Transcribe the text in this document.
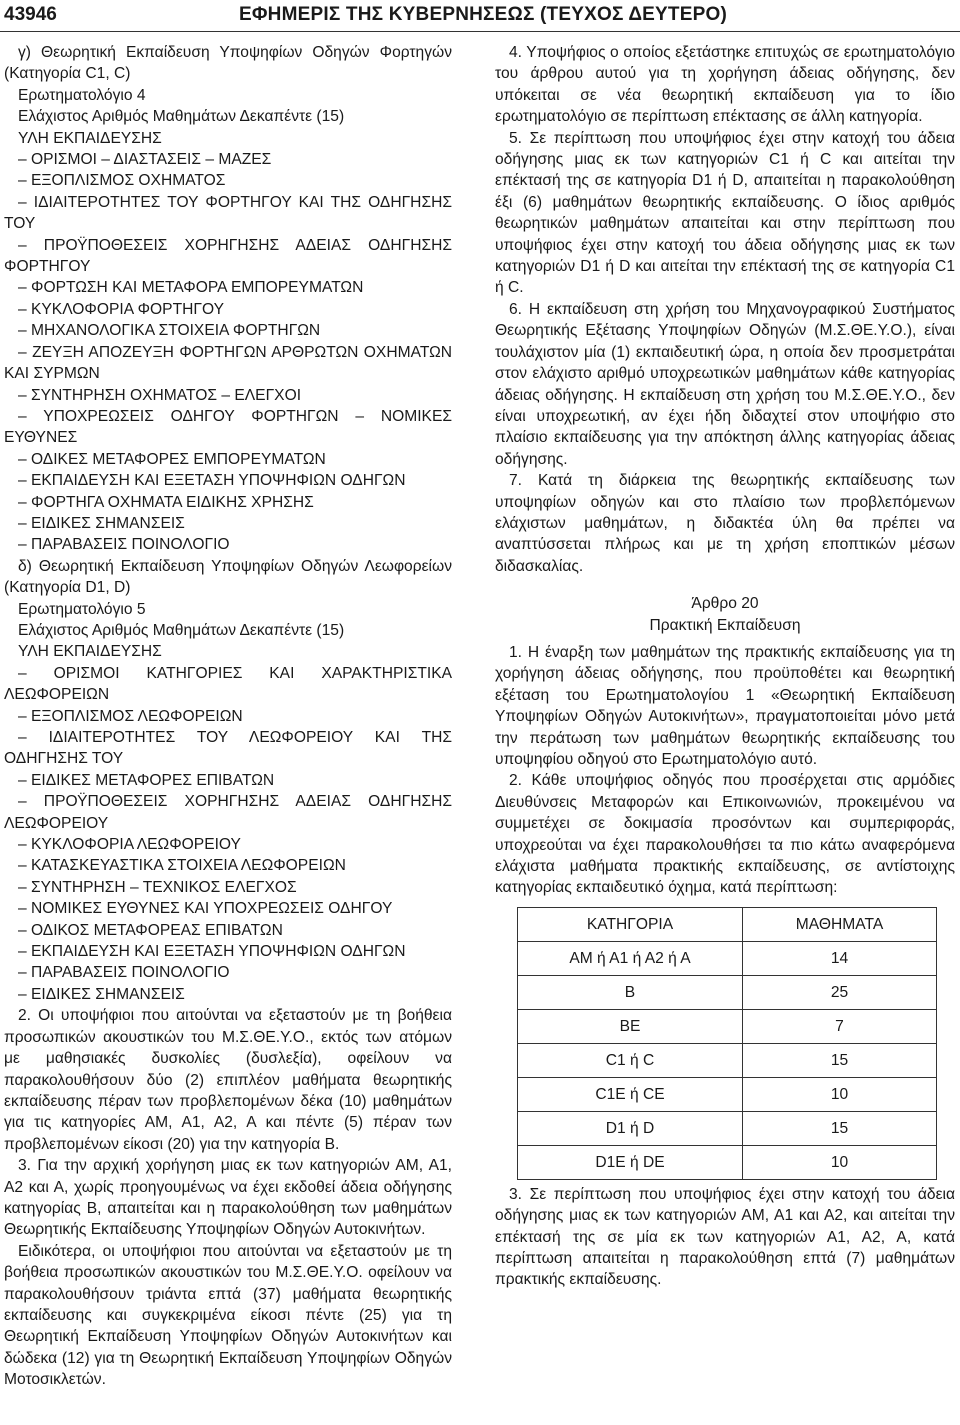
43946	ΕΦΗΜΕΡΙΣ ΤΗΣ ΚΥΒΕΡΝΗΣΕΩΣ (ΤΕΥΧΟΣ ΔΕΥΤΕΡΟ)

γ) Θεωρητική Εκπαίδευση Υποψηφίων Οδηγών Φορτηγών (Κατηγορία C1, C)

Ερωτηματολόγιο 4

Ελάχιστος Αριθμός Μαθημάτων Δεκαπέντε (15)

ΥΛΗ ΕΚΠΑΙΔΕΥΣΗΣ

– ΟΡΙΣΜΟΙ – ΔΙΑΣΤΑΣΕΙΣ – ΜΑΖΕΣ

– ΕΞΟΠΛΙΣΜΟΣ ΟΧΗΜΑΤΟΣ

– ΙΔΙΑΙΤΕΡΟΤΗΤΕΣ ΤΟΥ ΦΟΡΤΗΓΟΥ ΚΑΙ ΤΗΣ ΟΔΗΓΗΣΗΣ ΤΟΥ

– ΠΡΟΫΠΟΘΕΣΕΙΣ ΧΟΡΗΓΗΣΗΣ ΑΔΕΙΑΣ ΟΔΗΓΗΣΗΣ ΦΟΡΤΗΓΟΥ

– ΦΟΡΤΩΣΗ ΚΑΙ ΜΕΤΑΦΟΡΑ ΕΜΠΟΡΕΥΜΑΤΩΝ

– ΚΥΚΛΟΦΟΡΙΑ ΦΟΡΤΗΓΟΥ

– ΜΗΧΑΝΟΛΟΓΙΚΑ ΣΤΟΙΧΕΙΑ ΦΟΡΤΗΓΩΝ

– ΖΕΥΞΗ ΑΠΟΖΕΥΞΗ ΦΟΡΤΗΓΩΝ ΑΡΘΡΩΤΩΝ ΟΧΗΜΑΤΩΝ ΚΑΙ ΣΥΡΜΩΝ

– ΣΥΝΤΗΡΗΣΗ ΟΧΗΜΑΤΟΣ – ΕΛΕΓΧΟΙ

– ΥΠΟΧΡΕΩΣΕΙΣ ΟΔΗΓΟΥ ΦΟΡΤΗΓΩΝ – ΝΟΜΙΚΕΣ ΕΥΘΥΝΕΣ

– ΟΔΙΚΕΣ ΜΕΤΑΦΟΡΕΣ ΕΜΠΟΡΕΥΜΑΤΩΝ

– ΕΚΠΑΙΔΕΥΣΗ ΚΑΙ ΕΞΕΤΑΣΗ ΥΠΟΨΗΦΙΩΝ ΟΔΗΓΩΝ

– ΦΟΡΤΗΓΑ ΟΧΗΜΑΤΑ ΕΙΔΙΚΗΣ ΧΡΗΣΗΣ

– ΕΙΔΙΚΕΣ ΣΗΜΑΝΣΕΙΣ

– ΠΑΡΑΒΑΣΕΙΣ ΠΟΙΝΟΛΟΓΙΟ

δ) Θεωρητική Εκπαίδευση Υποψηφίων Οδηγών Λεωφορείων (Κατηγορία D1, D)

Ερωτηματολόγιο 5

Ελάχιστος Αριθμός Μαθημάτων Δεκαπέντε (15)

ΥΛΗ ΕΚΠΑΙΔΕΥΣΗΣ

– ΟΡΙΣΜΟΙ ΚΑΤΗΓΟΡΙΕΣ ΚΑΙ ΧΑΡΑΚΤΗΡΙΣΤΙΚΑ ΛΕΩΦΟΡΕΙΩΝ

– ΕΞΟΠΛΙΣΜΟΣ ΛΕΩΦΟΡΕΙΩΝ

– ΙΔΙΑΙΤΕΡΟΤΗΤΕΣ ΤΟΥ ΛΕΩΦΟΡΕΙΟΥ ΚΑΙ ΤΗΣ ΟΔΗΓΗΣΗΣ ΤΟΥ

– ΕΙΔΙΚΕΣ ΜΕΤΑΦΟΡΕΣ ΕΠΙΒΑΤΩΝ

– ΠΡΟΫΠΟΘΕΣΕΙΣ ΧΟΡΗΓΗΣΗΣ ΑΔΕΙΑΣ ΟΔΗΓΗΣΗΣ ΛΕΩΦΟΡΕΙΟΥ

– ΚΥΚΛΟΦΟΡΙΑ ΛΕΩΦΟΡΕΙΟΥ

– ΚΑΤΑΣΚΕΥΑΣΤΙΚΑ ΣΤΟΙΧΕΙΑ ΛΕΩΦΟΡΕΙΩΝ

– ΣΥΝΤΗΡΗΣΗ – ΤΕΧΝΙΚΟΣ ΕΛΕΓΧΟΣ

– ΝΟΜΙΚΕΣ ΕΥΘΥΝΕΣ ΚΑΙ ΥΠΟΧΡΕΩΣΕΙΣ ΟΔΗΓΟΥ

– ΟΔΙΚΟΣ ΜΕΤΑΦΟΡΕΑΣ ΕΠΙΒΑΤΩΝ

– ΕΚΠΑΙΔΕΥΣΗ ΚΑΙ ΕΞΕΤΑΣΗ ΥΠΟΨΗΦΙΩΝ ΟΔΗΓΩΝ

– ΠΑΡΑΒΑΣΕΙΣ ΠΟΙΝΟΛΟΓΙΟ

– ΕΙΔΙΚΕΣ ΣΗΜΑΝΣΕΙΣ

2. Οι υποψήφιοι που αιτούνται να εξεταστούν με τη βοήθεια προσωπικών ακουστικών του Μ.Σ.ΘΕ.Υ.Ο., εκτός των ατόμων με μαθησιακές δυσκολίες (δυσλεξία), οφείλουν να παρακολουθήσουν δύο (2) επιπλέον μαθήματα θεωρητικής εκπαίδευσης πέραν των προβλεπομένων δέκα (10) μαθημάτων για τις κατηγορίες ΑΜ, Α1, Α2, Α και πέντε (5) πέραν των προβλεπομένων είκοσι (20) για την κατηγορία Β.

3. Για την αρχική χορήγηση μιας εκ των κατηγοριών ΑΜ, Α1, Α2 και Α, χωρίς προηγουμένως να έχει εκδοθεί άδεια οδήγησης κατηγορίας Β, απαιτείται και η παρακολούθηση των μαθημάτων Θεωρητικής Εκπαίδευσης Υποψηφίων Οδηγών Αυτοκινήτων.

Ειδικότερα, οι υποψήφιοι που αιτούνται να εξεταστούν με τη βοήθεια προσωπικών ακουστικών του Μ.Σ.ΘΕ.Υ.Ο. οφείλουν να παρακολουθήσουν τριάντα επτά (37) μαθήματα θεωρητικής εκπαίδευσης και συγκεκριμένα είκοσι πέντε (25) για τη Θεωρητική Εκπαίδευση Υποψηφίων Οδηγών Αυτοκινήτων και δώδεκα (12) για τη Θεωρητική Εκπαίδευση Υποψηφίων Οδηγών Μοτοσικλετών.

4. Υποψήφιος ο οποίος εξετάστηκε επιτυχώς σε ερωτηματολόγιο του άρθρου αυτού για τη χορήγηση άδειας οδήγησης, δεν υπόκειται σε νέα θεωρητική εκπαίδευση για το ίδιο ερωτηματολόγιο σε περίπτωση επέκτασης σε άλλη κατηγορία.

5. Σε περίπτωση που υποψήφιος έχει στην κατοχή του άδεια οδήγησης μιας εκ των κατηγοριών C1 ή C και αιτείται την επέκτασή της σε κατηγορία D1 ή D, απαιτείται η παρακολούθηση έξι (6) μαθημάτων θεωρητικής εκπαίδευσης. Ο ίδιος αριθμός θεωρητικών μαθημάτων απαιτείται και στην περίπτωση που υποψήφιος έχει στην κατοχή του άδεια οδήγησης μιας εκ των κατηγοριών D1 ή D και αιτείται την επέκτασή της σε κατηγορία C1 ή C.

6. Η εκπαίδευση στη χρήση του Μηχανογραφικού Συστήματος Θεωρητικής Εξέτασης Υποψηφίων Οδηγών (Μ.Σ.ΘΕ.Υ.Ο.), είναι τουλάχιστον μία (1) εκπαιδευτική ώρα, η οποία δεν προσμετράται στον ελάχιστο αριθμό υποχρεωτικών μαθημάτων κάθε κατηγορίας άδειας οδήγησης. Η εκπαίδευση στη χρήση του Μ.Σ.ΘΕ.Υ.Ο., δεν είναι υποχρεωτική, αν έχει ήδη διδαχτεί στον υποψήφιο στο πλαίσιο εκπαίδευσης για την απόκτηση άλλης κατηγορίας άδειας οδήγησης.

7. Κατά τη διάρκεια της θεωρητικής εκπαίδευσης των υποψηφίων οδηγών και στο πλαίσιο των προβλεπόμενων ελάχιστων μαθημάτων, η διδακτέα ύλη θα πρέπει να αναπτύσσεται πλήρως και με τη χρήση εποπτικών μέσων διδασκαλίας.

Άρθρο 20

Πρακτική Εκπαίδευση

1. Η έναρξη των μαθημάτων της πρακτικής εκπαίδευσης για τη χορήγηση άδειας οδήγησης, που προϋποθέτει και θεωρητική εξέταση του Ερωτηματολογίου 1 «Θεωρητική Εκπαίδευση Υποψηφίων Οδηγών Αυτοκινήτων», πραγματοποιείται μόνο μετά την περάτωση των μαθημάτων θεωρητικής εκπαίδευσης του υποψηφίου οδηγού στο Ερωτηματολόγιο αυτό.

2. Κάθε υποψήφιος οδηγός που προσέρχεται στις αρμόδιες Διευθύνσεις Μεταφορών και Επικοινωνιών, προκειμένου να συμμετέχει σε δοκιμασία προσόντων και συμπεριφοράς, υποχρεούται να έχει παρακολουθήσει τα πιο κάτω αναφερόμενα ελάχιστα μαθήματα πρακτικής εκπαίδευσης, σε αντίστοιχης κατηγορίας εκπαιδευτικό όχημα, κατά περίπτωση:

ΚΑΤΗΓΟΡΙΑ	ΜΑΘΗΜΑΤΑ
ΑΜ ή Α1 ή Α2 ή Α	14
Β	25
ΒΕ	7
C1 ή C	15
C1E ή CE	10
D1 ή D	15
D1E ή DE	10

3. Σε περίπτωση που υποψήφιος έχει στην κατοχή του άδεια οδήγησης μιας εκ των κατηγοριών ΑΜ, Α1 και Α2, και αιτείται την επέκτασή της σε μία εκ των κατηγοριών Α1, Α2, Α, κατά περίπτωση απαιτείται η παρακολούθηση επτά (7) μαθημάτων πρακτικής εκπαίδευσης.
